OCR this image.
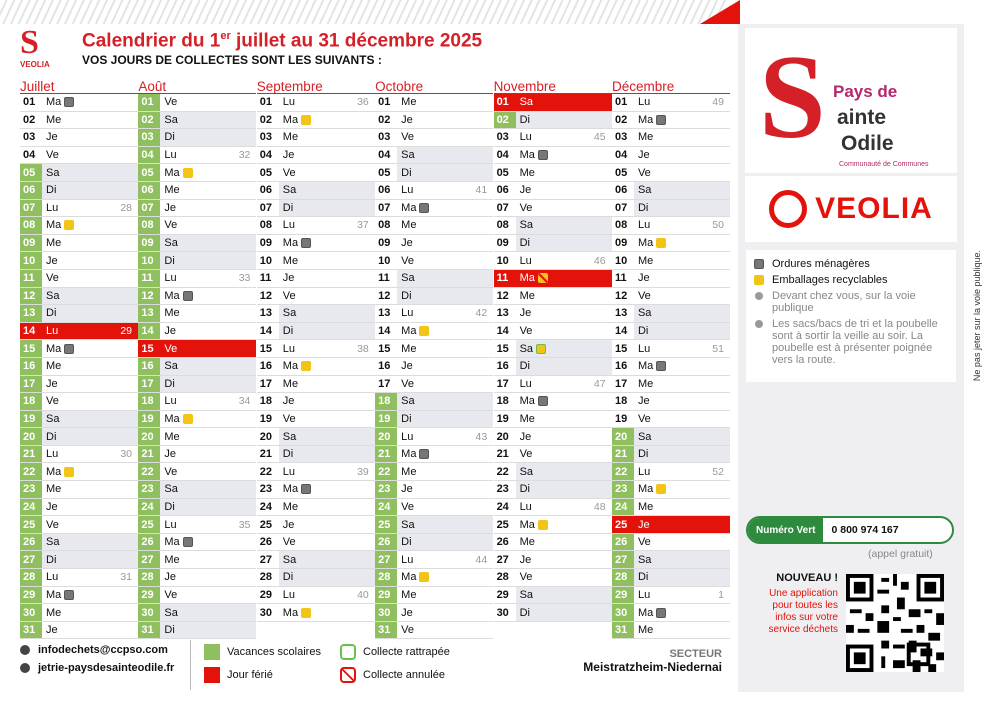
S
VEOLIA
Calendrier du 1er juillet au 31 décembre 2025
VOS JOURS DE COLLECTES SONT LES SUIVANTS :
Juillet
01 Ma
02 Me
03 Je
04 Ve
05 Sa
06 Di
07 Lu	28
08 Ma
09 Me
10 Je
11	Ve
12 Sa
13 Di
14 Lu	29
15 Ma
16 Me
17 Je
18 Ve
19 Sa
20 Di
21 Lu	30
22 Ma
23 Me
24 Je
25 Ve
26 Sa
27 Di
28 Lu	31
29 Ma
30 Me
31 Je
Août
01 Ve
02 Sa
03 Di
04 Lu	32
05 Ma
06 Me
07 Je
08 Ve
09 Sa
10 Di
11	Lu	33
12 Ma
13 Me
14 Je
15 Ve
16 Sa
17 Di
18 Lu	34
19 Ma
20 Me
21 Je
22 Ve
23 Sa
24 Di
25 Lu	35
26 Ma
27 Me
28 Je
29 Ve
30 Sa
31 Di
Septembre
01 Lu	36
02 Ma
03 Me
04 Je
05 Ve
06 Sa
07 Di
08 Lu	37
09 Ma
10 Me
11	Je
12 Ve
13 Sa
14 Di
15 Lu	38
16 Ma
17 Me
18 Je
19 Ve
20 Sa
21 Di
22 Lu	39
23 Ma
24 Me
25 Je
26 Ve
27 Sa
28 Di
29 Lu	40
30 Ma
Octobre
01 Me
02 Je
03 Ve
04 Sa
05 Di
06 Lu	41
07 Ma
08 Me
09 Je
10 Ve
11	Sa
12 Di
13 Lu	42
14 Ma
15 Me
16 Je
17 Ve
18 Sa
19 Di
20 Lu	43
21 Ma
22 Me
23 Je
24 Ve
25 Sa
26 Di
27 Lu	44
28 Ma
29 Me
30 Je
31 Ve
Novembre
01 Sa
02 Di
03 Lu	45
04 Ma
05 Me
06 Je
07 Ve
08 Sa
09 Di
10 Lu	46
11	Ma
12 Me
13 Je
14 Ve
15 Sa
16 Di
17 Lu	47
18 Ma
19 Me
20 Je
21 Ve
22 Sa
23 Di
24 Lu	48
25 Ma
26 Me
27 Je
28 Ve
29 Sa
30 Di
Décembre
01 Lu	49
02 Ma
03 Me
04 Je
05 Ve
06 Sa
07 Di
08 Lu	50
09 Ma
10 Me
11	Je
12 Ve
13 Sa
14 Di
15 Lu	51
16 Ma
17 Me
18 Je
19 Ve
20 Sa
21 Di
22 Lu	52
23 Ma
24 Me
25 Je
26 Ve
27 Sa
28 Di
29 Lu	1
30 Ma
31 Me
S Pays de
ainte
Odile
Communauté de Communes
VEOLIA
Ordures ménagères
Emballages recyclables
Devant chez vous, sur la voie publique
Les sacs/bacs de tri et la poubelle sont à sortir la veille au soir. La poubelle est à présenter poignée vers la route.
Numéro Vert	0 800 974 167
(appel gratuit)
NOUVEAU !
Une application pour toutes les infos sur votre service déchets
Ne pas jeter sur la voie publique.
infodechets@ccpso.com
jetrie-paysdesainteodile.fr
Vacances scolaires
Jour férié
Collecte rattrapée
Collecte annulée
SECTEUR
Meistratzheim-Niedernai
